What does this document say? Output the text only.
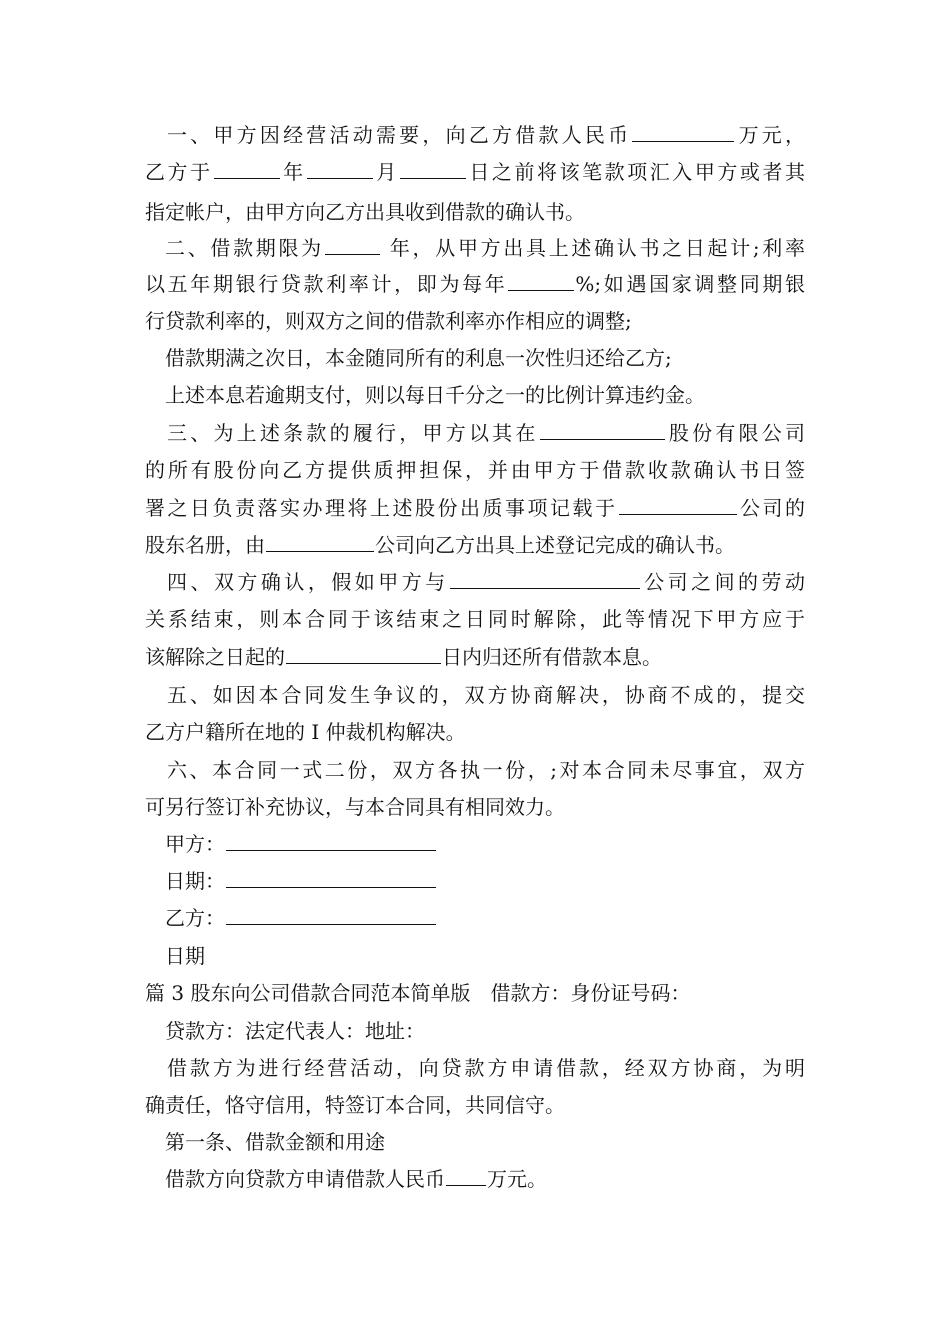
一、甲方因经营活动需要，向乙方借款人民币	万元，
乙方于	年	月	日之前将该笔款项汇入甲方或者其
指定帐户，由甲方向乙方出具收到借款的确认书。
二、借款期限为	年，从甲方出具上述确认书之日起计;利率
以五年期银行贷款利率计，即为每年	%;如遇国家调整同期银
行贷款利率的，则双方之间的借款利率亦作相应的调整;
借款期满之次日，本金随同所有的利息一次性归还给乙方;
上述本息若逾期支付，则以每日千分之一的比例计算违约金。
三、为上述条款的履行，甲方以其在	股份有限公司
的所有股份向乙方提供质押担保，并由甲方于借款收款确认书日签
署之日负责落实办理将上述股份出质事项记载于	公司的
股东名册，由	公司向乙方出具上述登记完成的确认书。
四、双方确认，假如甲方与	公司之间的劳动
关系结束，则本合同于该结束之日同时解除，此等情况下甲方应于
该解除之日起的	日内归还所有借款本息。
五、如因本合同发生争议的，双方协商解决，协商不成的，提交
乙方户籍所在地的 I 仲裁机构解决。
六、本合同一式二份，双方各执一份，;对本合同未尽事宜，双方
可另行签订补充协议，与本合同具有相同效力。
甲方：
日期：
乙方：
日期
篇 3 股东向公司借款合同范本简单版　借款方：身份证号码：
贷款方：法定代表人：地址：
借款方为进行经营活动，向贷款方申请借款，经双方协商，为明
确责任，恪守信用，特签订本合同，共同信守。
第一条、借款金额和用途
借款方向贷款方申请借款人民币 万元。
